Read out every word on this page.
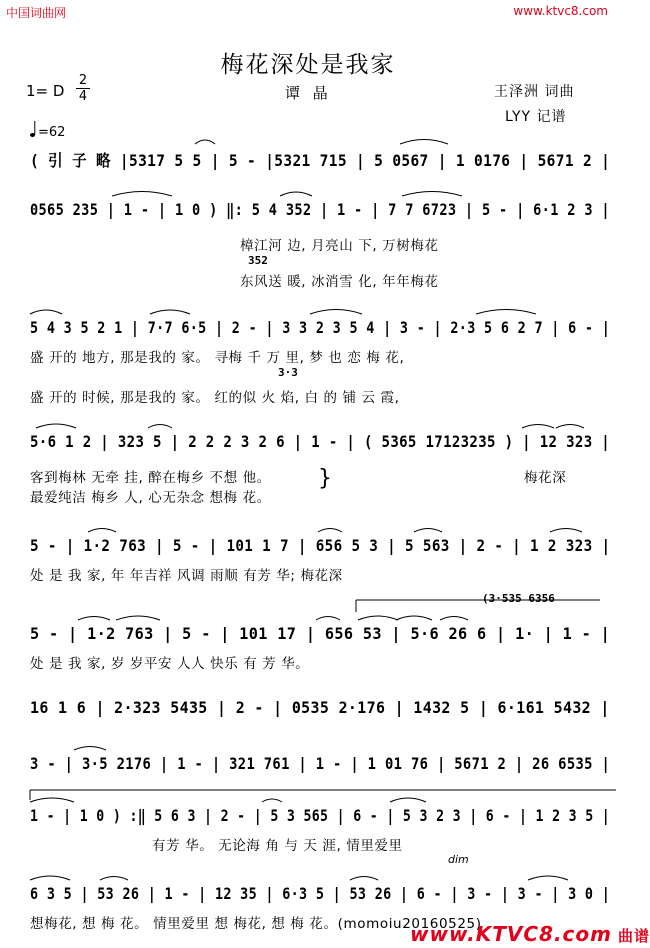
中国词曲网	www.ktvc8.com
梅花深处是我家
1= D
2
4	谭 晶	王泽洲 词曲
LYY 记谱
=62
( 引 子 略 |5317 5 5 | 5 - |5321 715 | 5 0567 | 1 0176 | 5671 2 |
0565 235 | 1 - | 1 0 ) ‖: 5 4 352 | 1 - | 7 7 6723 | 5 - | 6·1 2 3 |
樟江河 边, 月亮山 下, 万树梅花
352
东风送 暖, 冰消雪 化, 年年梅花
5 4 3 5 2 1 | 7·7 6·5 | 2 - | 3 3 2 3 5 4 | 3 - | 2·3 5 6 2 7 | 6 - |
盛 开的 地方, 那是我的 家。 寻梅 千 万 里, 梦 也 恋 梅 花,
3·3
盛 开的 时候, 那是我的 家。 红的似 火 焰, 白 的 铺 云 霞,
5·6 1 2 | 323 5 | 2 2 2 3 2 6 | 1 - | ( 5365 17123235 ) | 12 323 |
客到梅林 无牵 挂, 醉在梅乡 不想 他。	梅花深
最爱纯洁 梅乡 人, 心无杂念 想梅 花。
5 - | 1·2 763 | 5 - | 101 1 7 | 656 5 3 | 5 563 | 2 - | 1 2 323 |
处 是 我 家, 年 年吉祥 风调 雨顺 有芳 华; 梅花深
(3·535 6356
5 - | 1·2 763 | 5 - | 101 17 | 656 53 | 5·6 26 6 | 1· | 1 - |
处 是 我 家, 岁 岁平安 人人 快乐 有 芳 华。
16 1 6 | 2·323 5435 | 2 - | 0535 2·176 | 1432 5 | 6·161 5432 |
3 - | 3·5 2176 | 1 - | 321 761 | 1 - | 1 01 76 | 5671 2 | 26 6535 |
1 - | 1 0 ) :‖ 5 6 3 | 2 - | 5 3 565 | 6 - | 5 3 2 3 | 6 - | 1 2 3 5 |
有芳 华。 无论海 角 与 天 涯, 情里爱里
6 3 5 | 53 26 | 1 - | 12 35 | 6·3 5 | 53 26 | 6 - | 3 - | 3 - | 3 0 |
想梅花, 想 梅 花。 情里爱里 想 梅花, 想 梅 花。(momoiu20160525)
}
dim
www.KTVC8.com 曲谱
